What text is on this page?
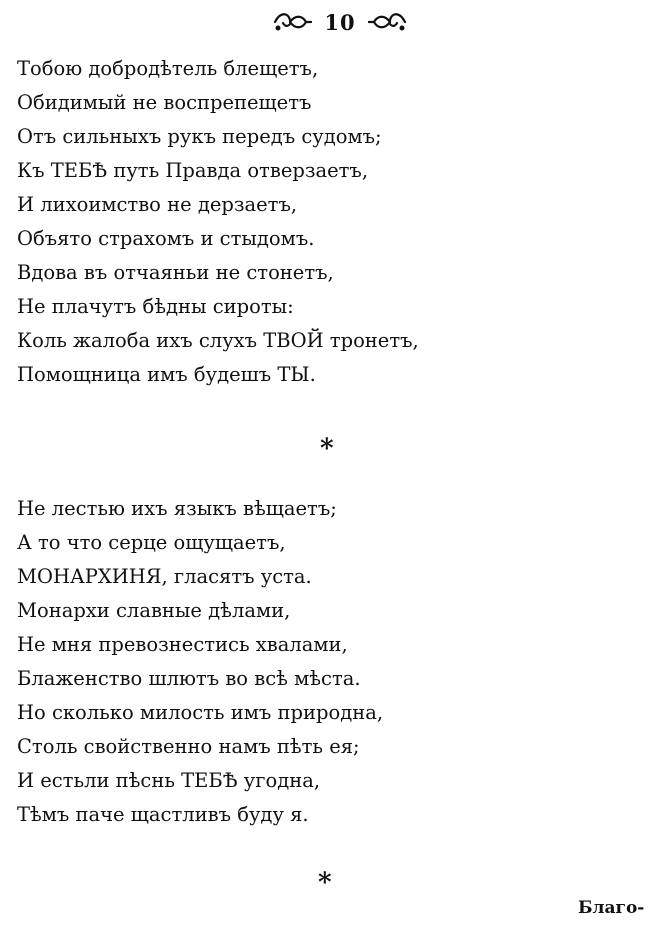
10
Тобою добродѣтель блещетъ,
Обидимый не воспрепещетъ
Отъ сильныхъ рукъ передъ судомъ;
Къ ТЕБѢ путь Правда отверзаетъ,
И лихоимство не дерзаетъ,
Объято страхомъ и стыдомъ.
Вдова въ отчаяньи не стонетъ,
Не плачутъ бѣдны сироты:
Коль жалоба ихъ слухъ ТВОЙ тронетъ,
Помощница имъ будешъ ТЫ.
*
Не лестью ихъ языкъ вѣщаетъ;
А то что серце ощущаетъ,
МОНАРХИНЯ, гласятъ уста.
Монархи славные дѣлами,
Не мня превознестись хвалами,
Блаженство шлютъ во всѣ мѣста.
Но сколько милость имъ природна,
Столь свойственно намъ пѣть ея;
И естьли пѣснь ТЕБѢ угодна,
Тѣмъ паче щастливъ буду я.
*
Благо-
